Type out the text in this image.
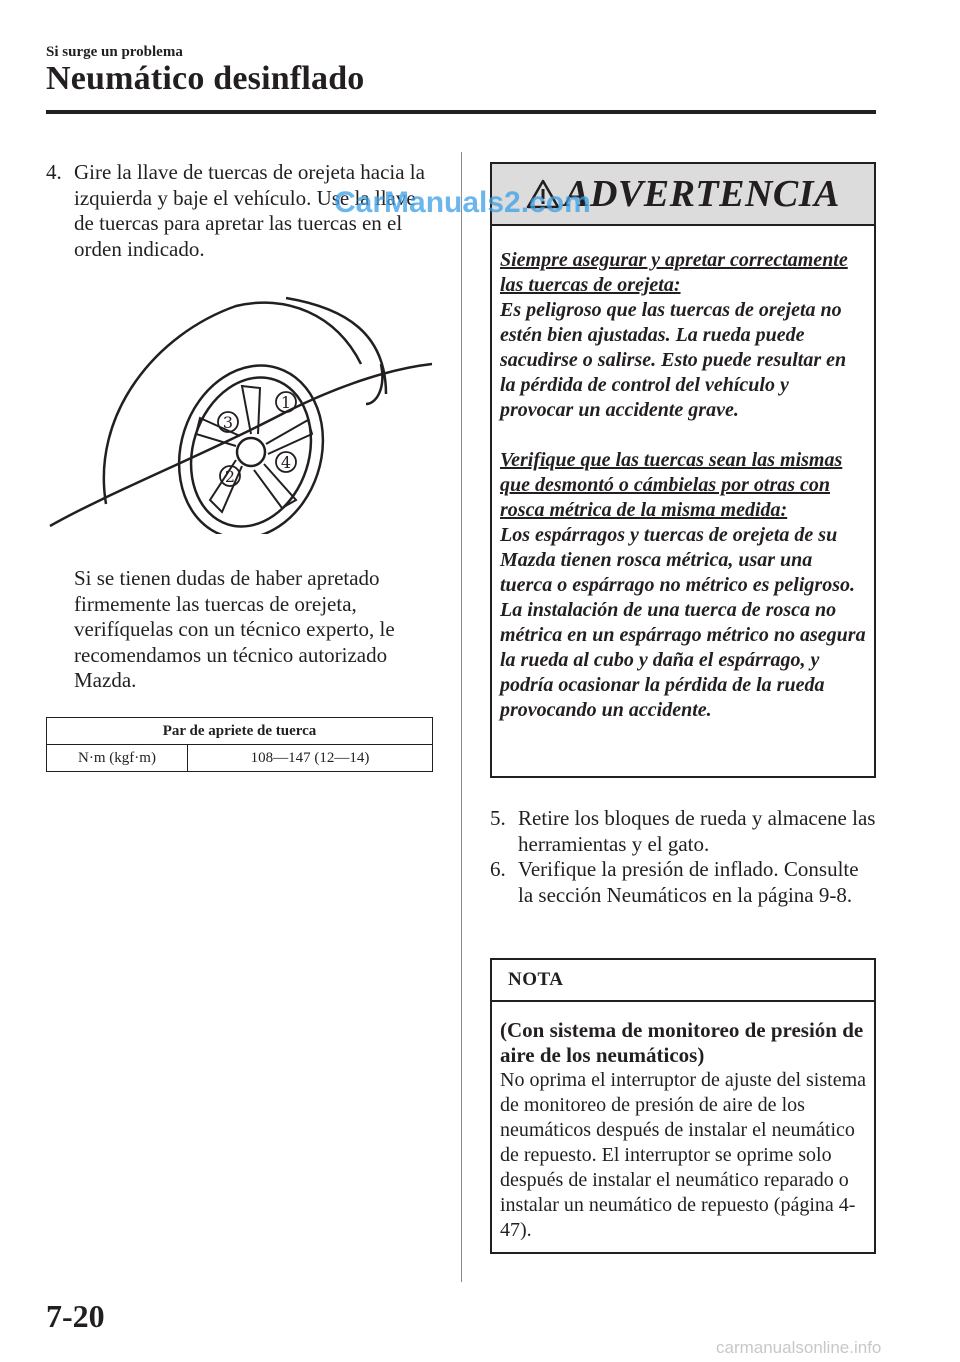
Si surge un problema
Neumático desinflado
4. Gire la llave de tuercas de orejeta hacia la izquierda y baje el vehículo. Use la llave de tuercas para apretar las tuercas en el orden indicado.
1
2
3
4
Si se tienen dudas de haber apretado firmemente las tuercas de orejeta, verifíquelas con un técnico experto, le recomendamos un técnico autorizado Mazda.
Par de apriete de tuerca
N·m (kgf·m)	108—147 (12—14)
ADVERTENCIA

Siempre asegurar y apretar correctamente las tuercas de orejeta:

Es peligroso que las tuercas de orejeta no estén bien ajustadas. La rueda puede sacudirse o salirse. Esto puede resultar en la pérdida de control del vehículo y provocar un accidente grave.

Verifique que las tuercas sean las mismas que desmontó o cámbielas por otras con rosca métrica de la misma medida:

Los espárragos y tuercas de orejeta de su Mazda tienen rosca métrica, usar una tuerca o espárrago no métrico es peligroso. La instalación de una tuerca de rosca no métrica en un espárrago métrico no asegura la rueda al cubo y daña el espárrago, y podría ocasionar la pérdida de la rueda provocando un accidente.

5. Retire los bloques de rueda y almacene las herramientas y el gato.
6. Verifique la presión de inflado. Consulte la sección Neumáticos en la página 9-8.
NOTA
(Con sistema de monitoreo de presión de aire de los neumáticos)
No oprima el interruptor de ajuste del sistema de monitoreo de presión de aire de los neumáticos después de instalar el neumático de repuesto. El interruptor se oprime solo después de instalar el neumático reparado o instalar un neumático de repuesto (página 4-47).
7-20
CarManuals2.com
carmanualsonline.info
